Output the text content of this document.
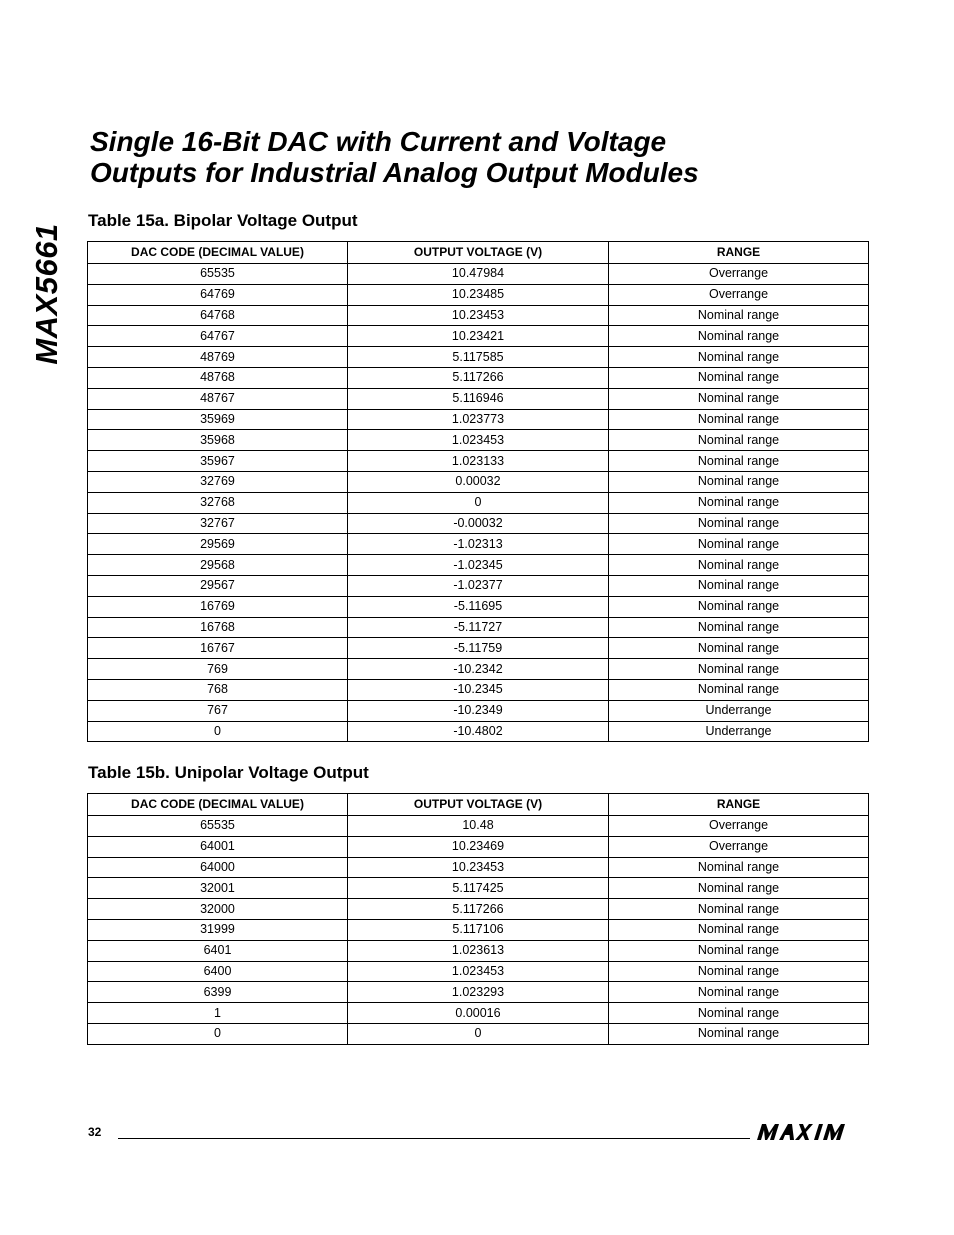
MAX5661
Single 16-Bit DAC with Current and Voltage
Outputs for Industrial Analog Output Modules
Table 15a. Bipolar Voltage Output
DAC CODE (DECIMAL VALUE)	OUTPUT VOLTAGE (V)	RANGE
65535	10.47984	Overrange
64769	10.23485	Overrange
64768	10.23453	Nominal range
64767	10.23421	Nominal range
48769	5.117585	Nominal range
48768	5.117266	Nominal range
48767	5.116946	Nominal range
35969	1.023773	Nominal range
35968	1.023453	Nominal range
35967	1.023133	Nominal range
32769	0.00032	Nominal range
32768	0	Nominal range
32767	-0.00032	Nominal range
29569	-1.02313	Nominal range
29568	-1.02345	Nominal range
29567	-1.02377	Nominal range
16769	-5.11695	Nominal range
16768	-5.11727	Nominal range
16767	-5.11759	Nominal range
769	-10.2342	Nominal range
768	-10.2345	Nominal range
767	-10.2349	Underrange
0	-10.4802	Underrange
Table 15b. Unipolar Voltage Output
DAC CODE (DECIMAL VALUE)	OUTPUT VOLTAGE (V)	RANGE
65535	10.48	Overrange
64001	10.23469	Overrange
64000	10.23453	Nominal range
32001	5.117425	Nominal range
32000	5.117266	Nominal range
31999	5.117106	Nominal range
6401	1.023613	Nominal range
6400	1.023453	Nominal range
6399	1.023293	Nominal range
1	0.00016	Nominal range
0	0	Nominal range
32
